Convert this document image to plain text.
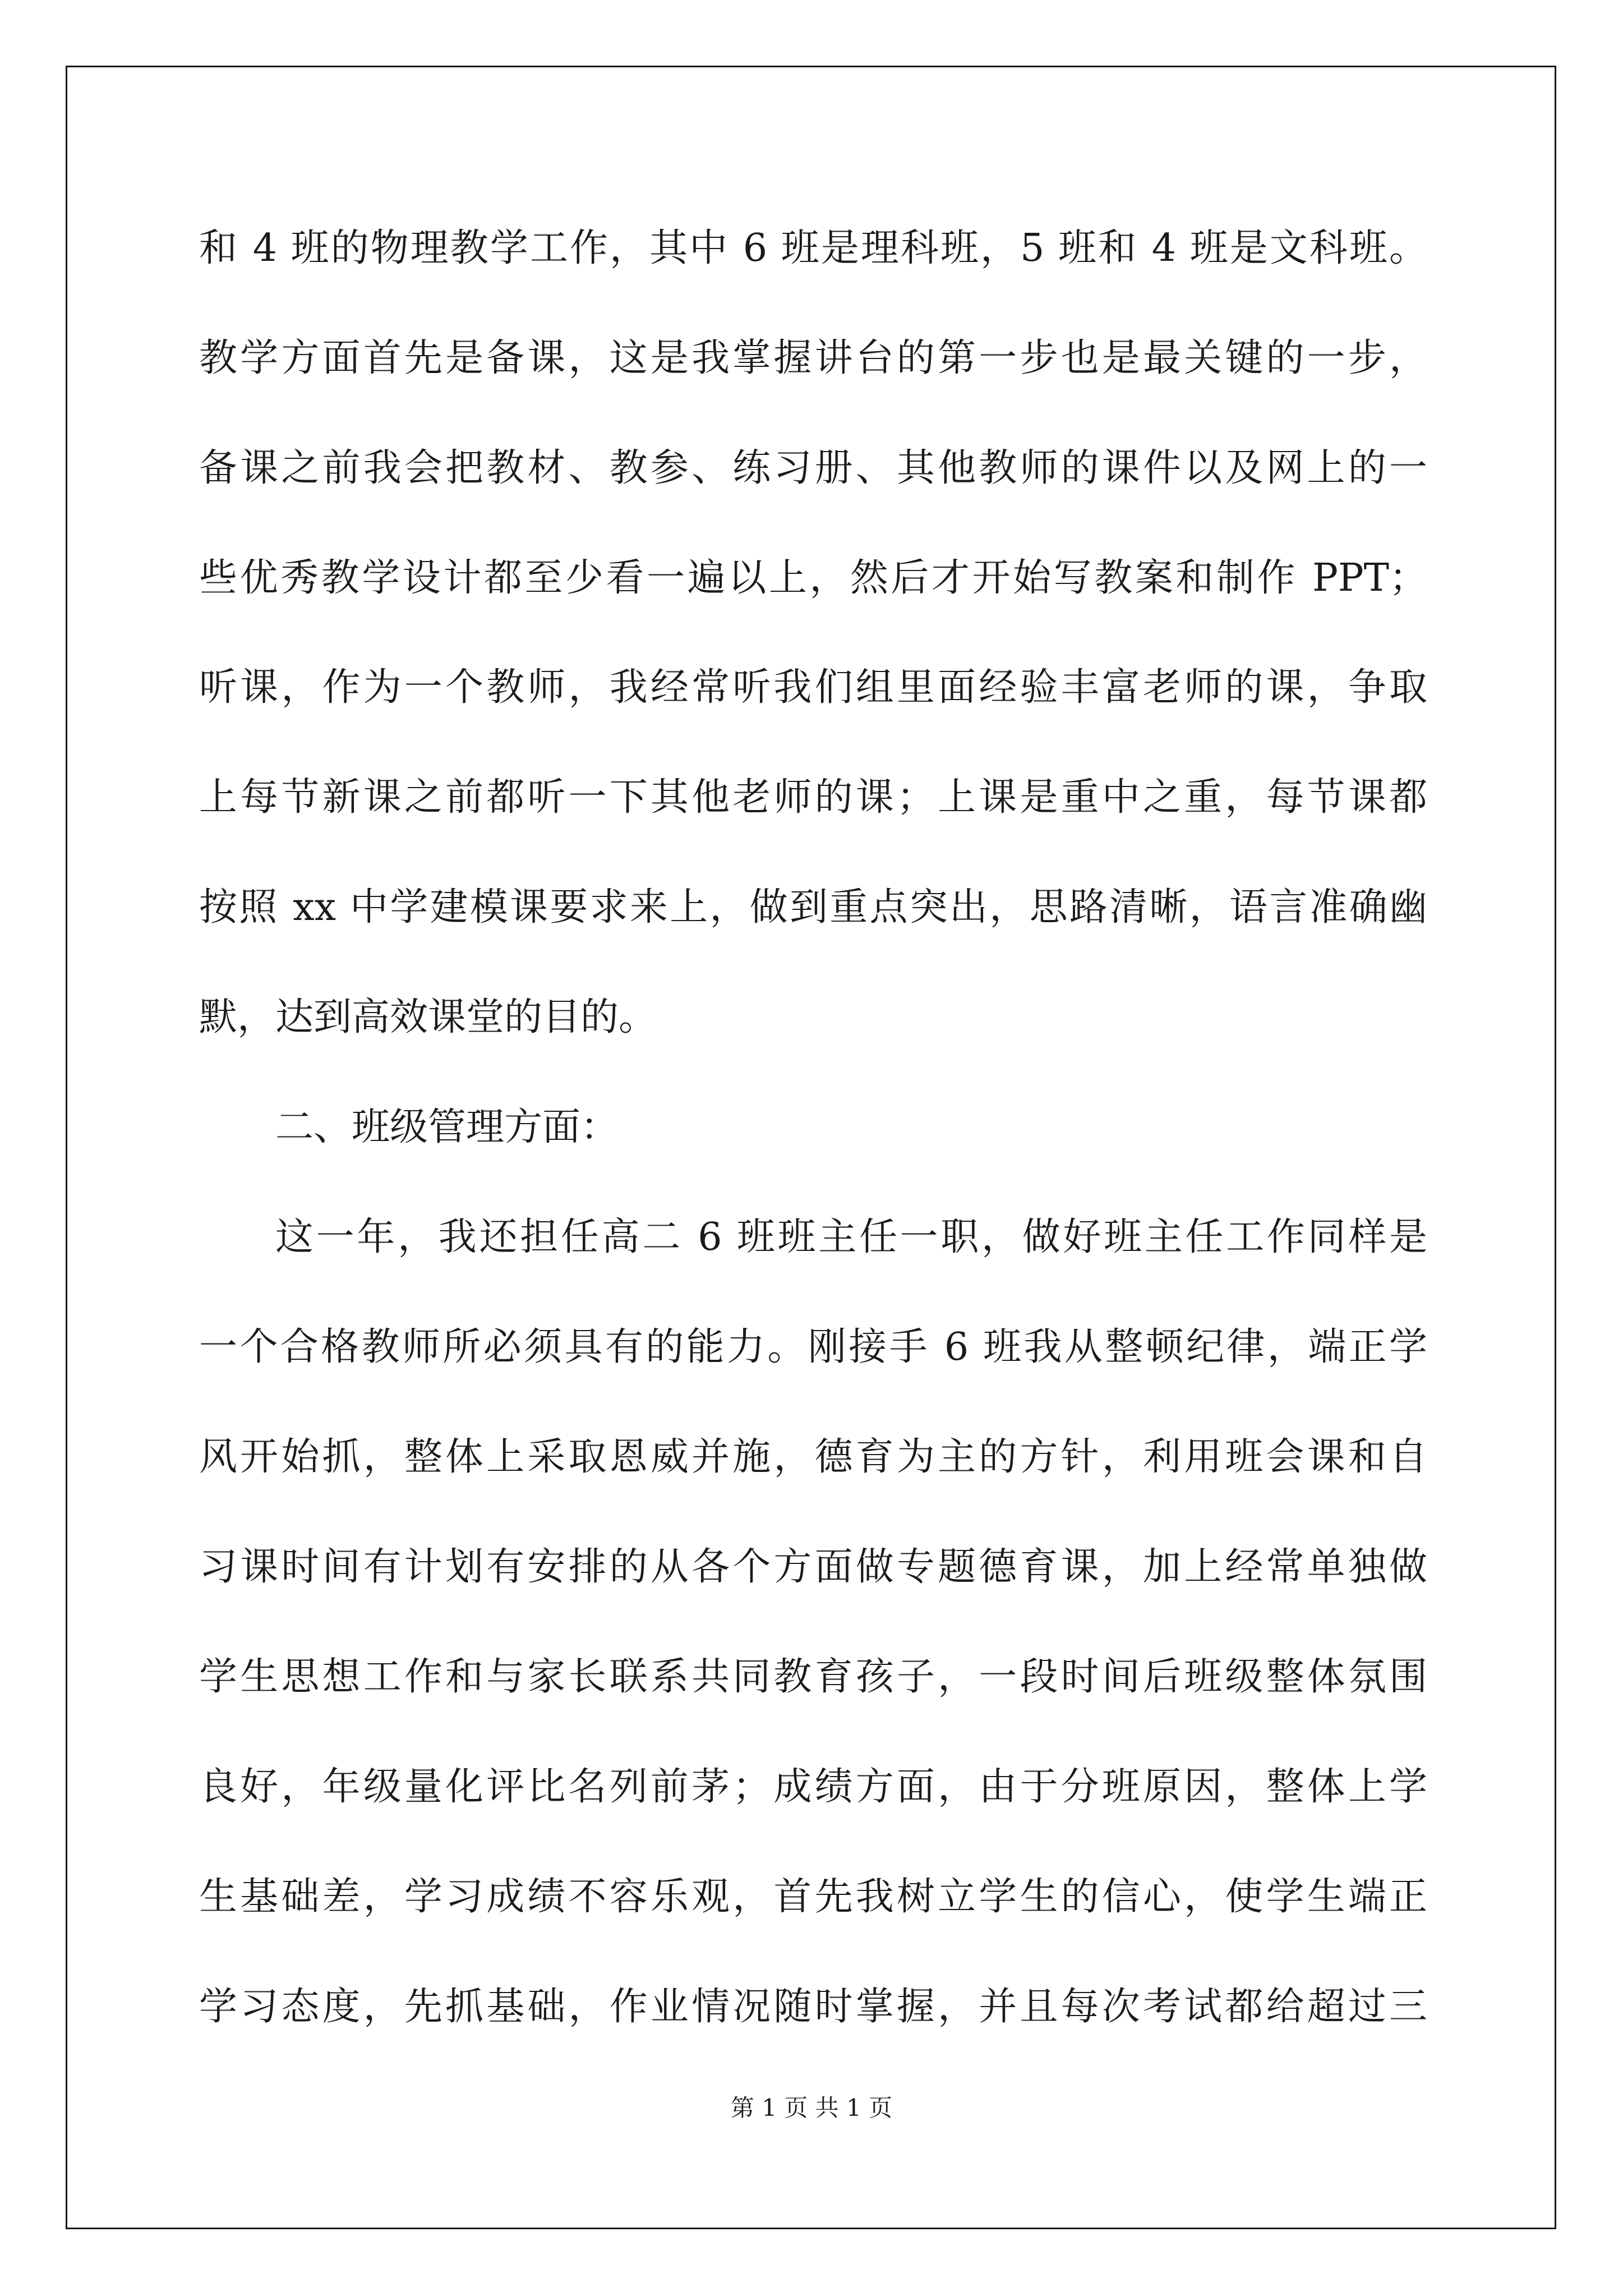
和 4 班的物理教学工作，其中 6 班是理科班，5 班和 4 班是文科班。
教学方面首先是备课，这是我掌握讲台的第一步也是最关键的一步，
备课之前我会把教材、教参、练习册、其他教师的课件以及网上的一
些优秀教学设计都至少看一遍以上，然后才开始写教案和制作 PPT；
听课，作为一个教师，我经常听我们组里面经验丰富老师的课，争取
上每节新课之前都听一下其他老师的课；上课是重中之重，每节课都
按照 xx 中学建模课要求来上，做到重点突出，思路清晰，语言准确幽
默，达到高效课堂的目的。
二、班级管理方面：
这一年，我还担任高二 6 班班主任一职，做好班主任工作同样是
一个合格教师所必须具有的能力。刚接手 6 班我从整顿纪律，端正学
风开始抓，整体上采取恩威并施，德育为主的方针，利用班会课和自
习课时间有计划有安排的从各个方面做专题德育课，加上经常单独做
学生思想工作和与家长联系共同教育孩子，一段时间后班级整体氛围
良好，年级量化评比名列前茅；成绩方面，由于分班原因，整体上学
生基础差，学习成绩不容乐观，首先我树立学生的信心，使学生端正
学习态度，先抓基础，作业情况随时掌握，并且每次考试都给超过三
第 1 页 共 1 页
